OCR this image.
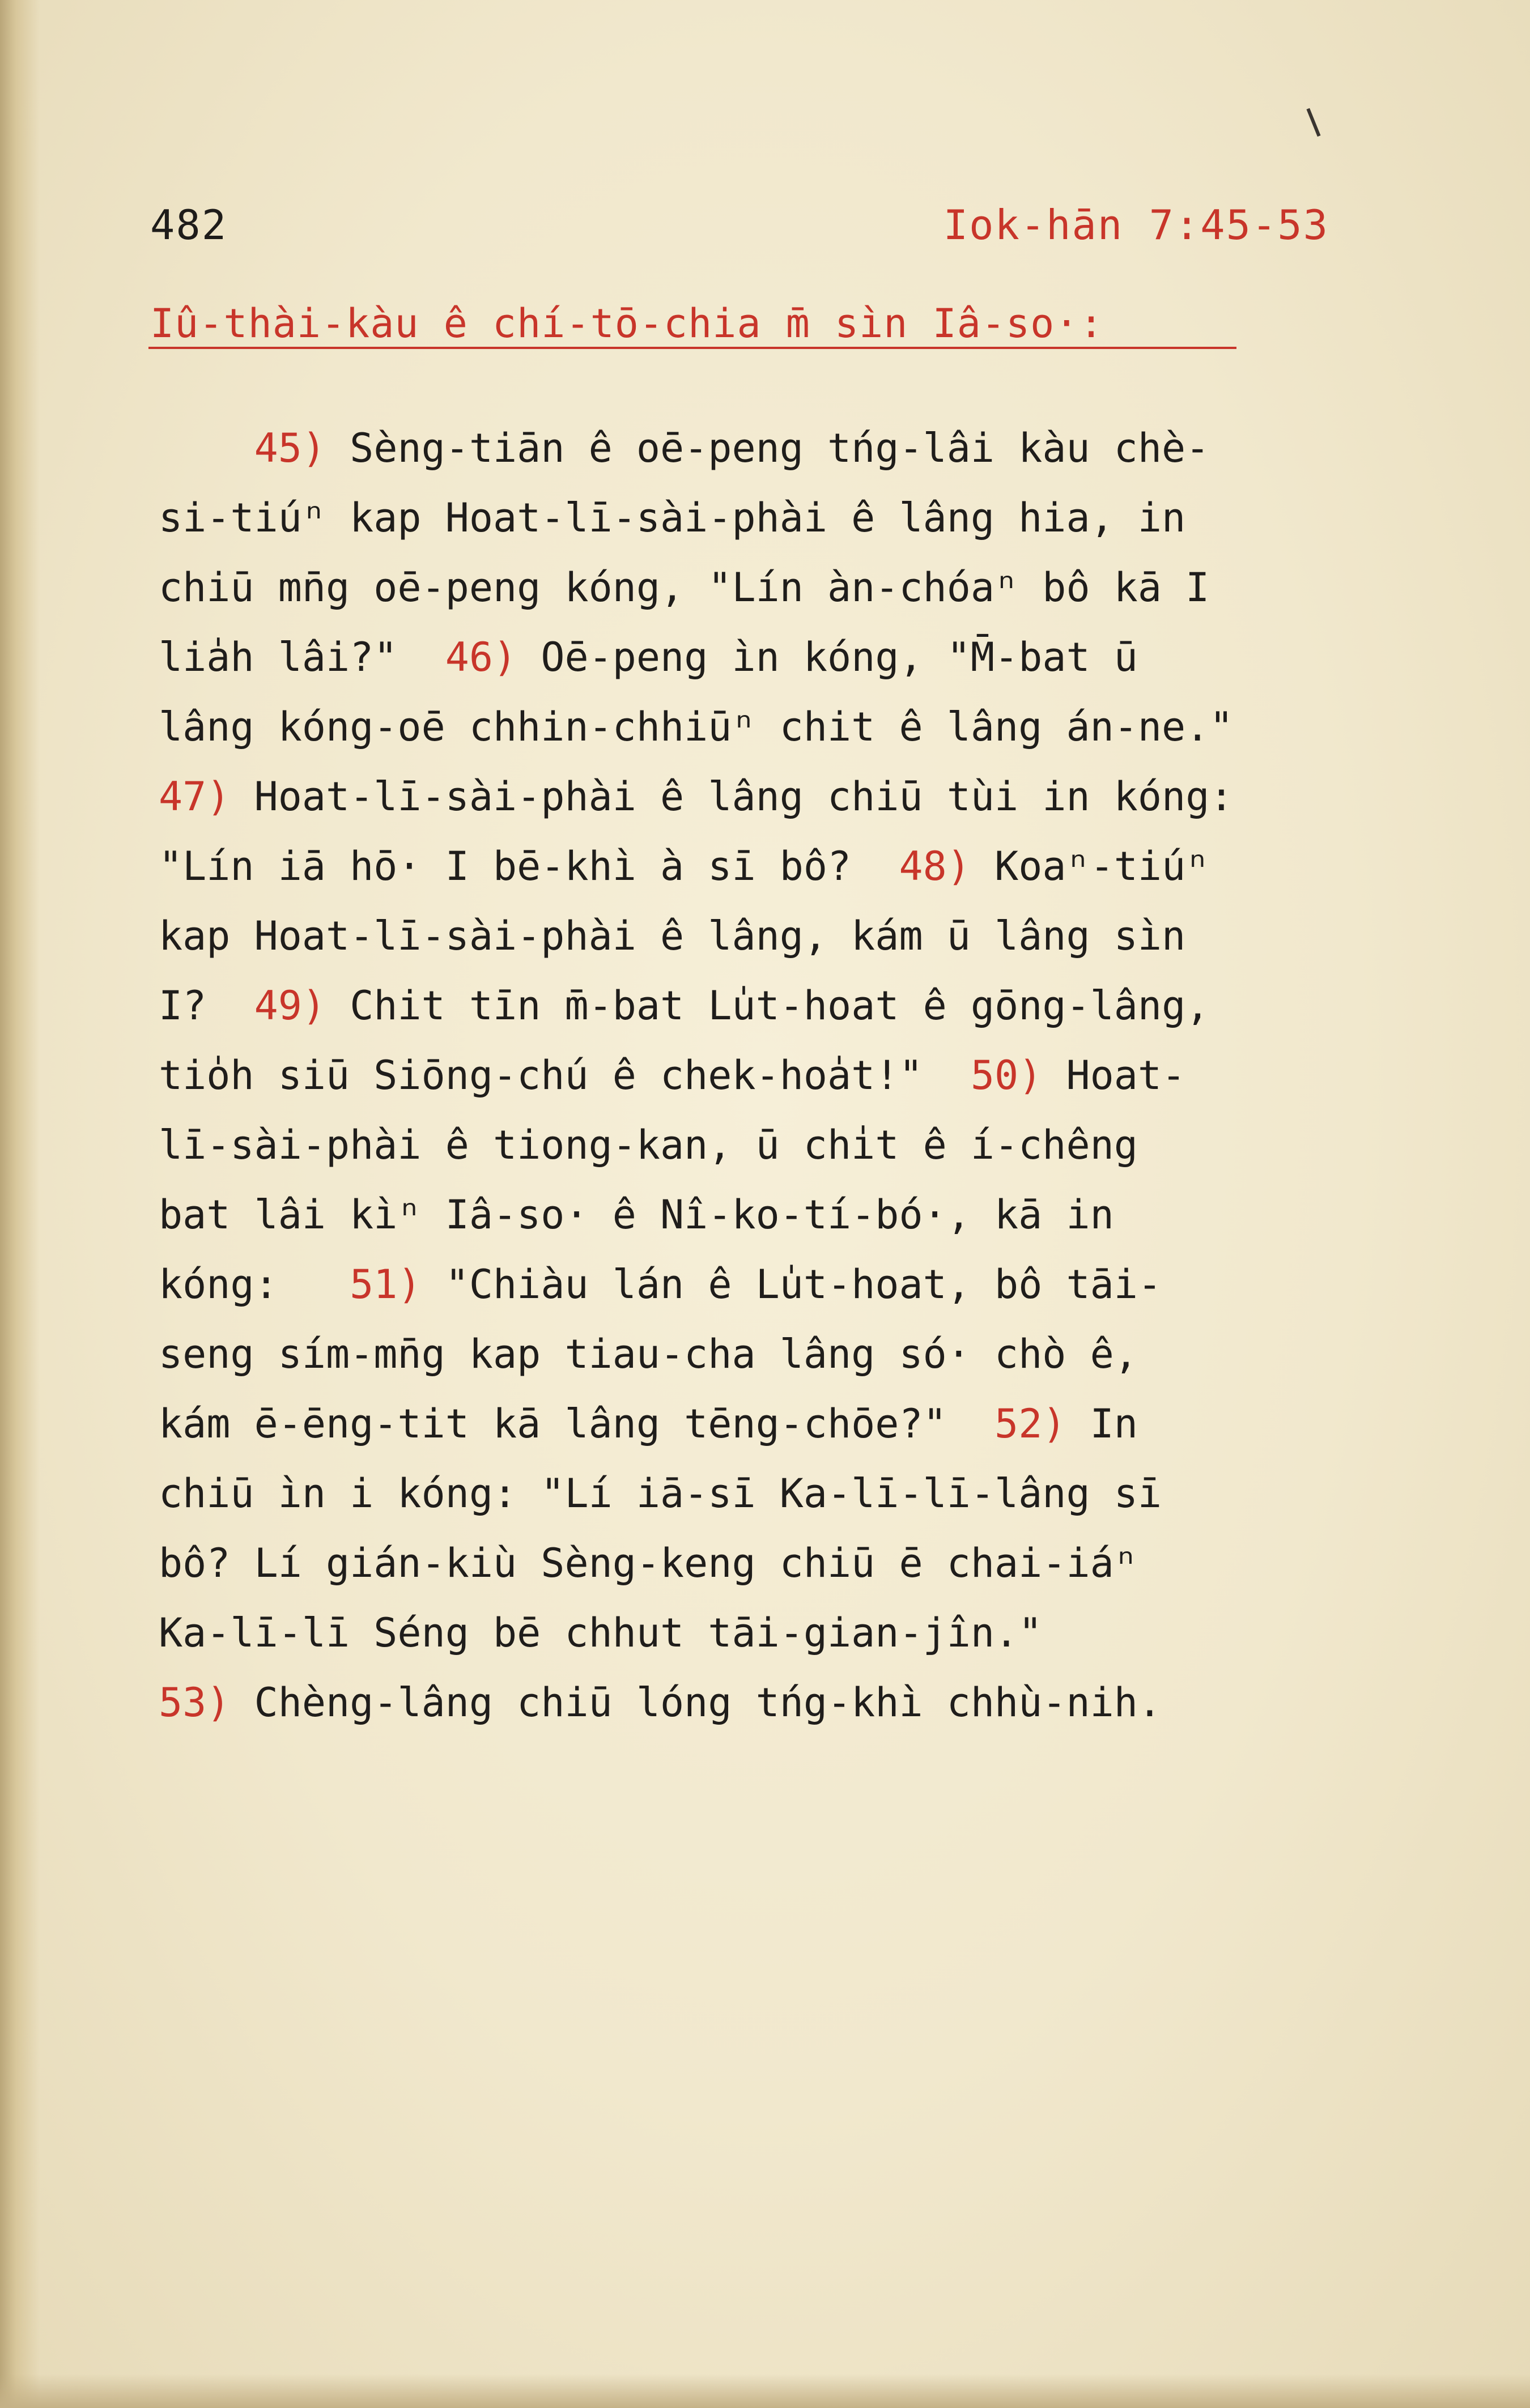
482	Iok-hān 7:45-53
Iû-thài-kàu ê chí-tō-chia m̄ sìn Iâ-so·:
45) Sèng-tiān ê oē-peng tńg-lâi kàu chè-
si-tiúⁿ kap Hoat-lī-sài-phài ê lâng hia, in
chiū mn̄g oē-peng kóng, "Lín àn-chóaⁿ bô kā I
lia̍h lâi?" 46) Oē-peng ìn kóng, "M̄-bat ū
lâng kóng-oē chhin-chhiūⁿ chit ê lâng án-ne."
47) Hoat-lī-sài-phài ê lâng chiū tùi in kóng:
"Lín iā hō· I bē-khì à sī bô? 48) Koaⁿ-tiúⁿ
kap Hoat-lī-sài-phài ê lâng, kám ū lâng sìn
I? 49) Chit tīn m̄-bat Lu̍t-hoat ê gōng-lâng,
tio̍h siū Siōng-chú ê chek-hoa̍t!" 50) Hoat-
lī-sài-phài ê tiong-kan, ū chi̍t ê í-chêng
bat lâi kìⁿ Iâ-so· ê Nî-ko-tí-bó·, kā in
kóng: 51) "Chiàu lán ê Lu̍t-hoat, bô tāi-
seng sím-mn̄g kap tiau-cha lâng só· chò ê,
kám ē-ēng-tit kā lâng tēng-chōe?" 52) In
chiū ìn i kóng: "Lí iā-sī Ka-lī-lī-lâng sī
bô? Lí gián-kiù Sèng-keng chiū ē chai-iáⁿ
Ka-lī-lī Séng bē chhut tāi-gian-jîn."
53) Chèng-lâng chiū lóng tńg-khì chhù-nih.
